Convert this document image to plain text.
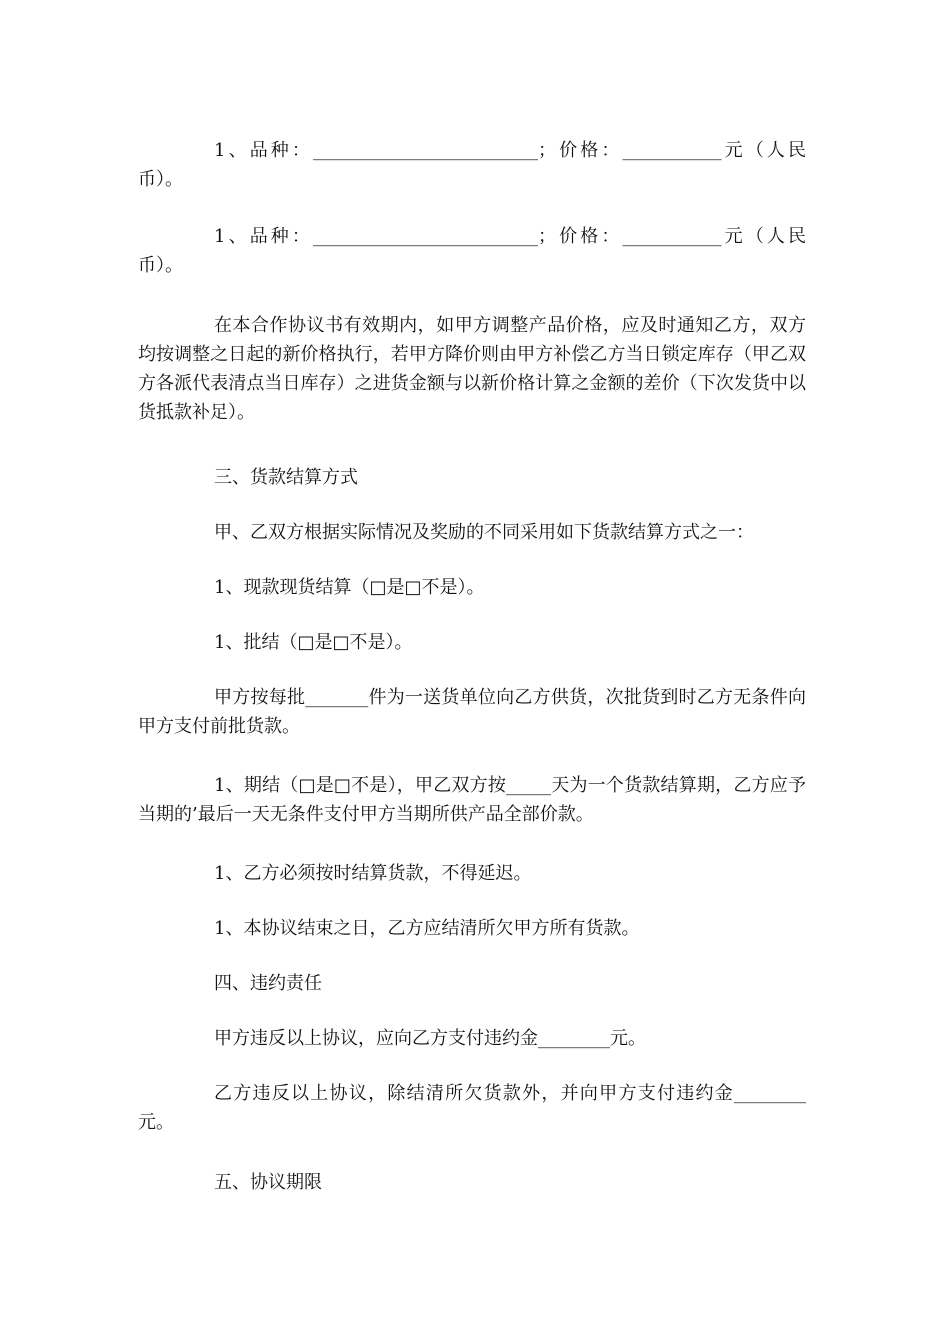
1、品种：_________________________；价格：___________元（人民币）。

1、品种：_________________________；价格：___________元（人民币）。

在本合作协议书有效期内，如甲方调整产品价格，应及时通知乙方，双方均按调整之日起的新价格执行，若甲方降价则由甲方补偿乙方当日锁定库存（甲乙双方各派代表清点当日库存）之进货金额与以新价格计算之金额的差价（下次发货中以货抵款补足）。

三、货款结算方式

甲、乙双方根据实际情况及奖励的不同采用如下货款结算方式之一：

1、现款现货结算（□是□不是）。

1、批结（□是□不是）。

甲方按每批_______件为一送货单位向乙方供货，次批货到时乙方无条件向甲方支付前批货款。

1、期结（□是□不是），甲乙双方按_____天为一个货款结算期，乙方应予当期的’最后一天无条件支付甲方当期所供产品全部价款。

1、乙方必须按时结算货款，不得延迟。

1、本协议结束之日，乙方应结清所欠甲方所有货款。

四、违约责任

甲方违反以上协议，应向乙方支付违约金________元。

乙方违反以上协议，除结清所欠货款外，并向甲方支付违约金________元。

五、协议期限
